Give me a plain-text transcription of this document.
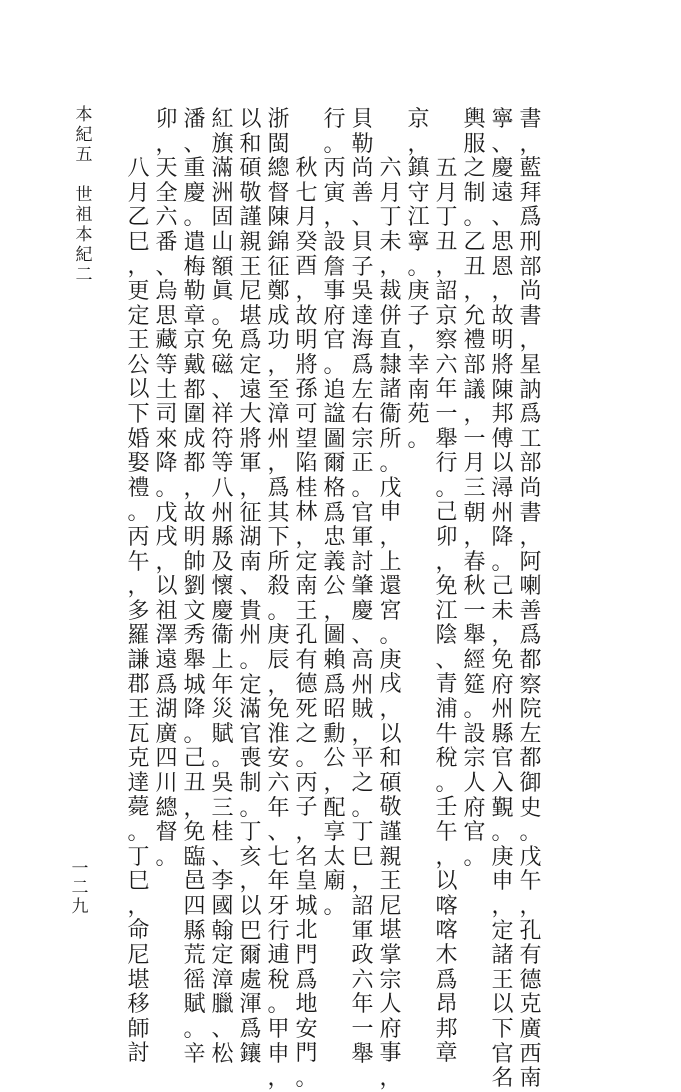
書
，
藍
拜
爲
刑
部
尚
書
，
星
訥
爲
工
部
尚
書
，
阿
喇
善
爲
都
察
院
左
都
御
史
。
戊
午
，
孔
有
德
克
廣
西
南
寧
、
慶
遠
、
思
恩
，
故
明
將
陳
邦
傅
以
潯
州
降
。
己
未
，
免
府
州
縣
官
入
覲
。
庚
申
，
定
諸
王
以
下
官
名
輿
服
之
制
。
乙
丑
，
允
禮
部
議
，
一
月
三
朝
，
春
秋
一
舉
經
筵
。
設
宗
人
府
官
。
五
月
丁
丑
，
詔
京
察
六
年
一
舉
行
。
己
卯
，
免
江
陰
、
青
浦
牛
稅
。
壬
午
，
以
喀
喀
木
爲
昂
邦
章
京
，
鎮
守
江
寧
。
庚
子
，
幸
南
苑
。
六
月
丁
未
，
裁
併
直
隸
諸
衞
所
。
戊
申
，
上
還
宮
。
庚
戌
，
以
和
碩
敬
謹
親
王
尼
堪
掌
宗
人
府
事
，
貝
勒
尚
善
、
貝
子
吳
達
海
爲
左
右
宗
正
。
官
軍
討
肇
慶
、
高
州
賊
，
平
之
。
丁
巳
，
詔
軍
政
六
年
一
舉
行
。
丙
寅
，
設
詹
事
府
官
。
追
諡
圖
爾
格
爲
忠
義
公
，
圖
賴
爲
昭
勳
公
，
配
享
太
廟
。
秋
七
月
癸
酉
，
故
明
將
孫
可
望
陷
桂
林
，
定
南
王
孔
有
德
死
之
。
丙
子
，
名
皇
城
北
門
爲
地
安
門
。
浙
閩
總
督
陳
錦
征
鄭
成
功
，
至
漳
州
，
爲
其
下
所
殺
。
庚
辰
，
免
淮
安
六
年
、
七
年
牙
行
逋
稅
。
甲
申
，
以
和
碩
敬
謹
親
王
尼
堪
爲
定
遠
大
將
軍
，
征
湖
南
、
貴
州
。
定
滿
官
喪
制
。
丁
亥
，
以
巴
爾
處
渾
爲
鑲
紅
旗
滿
洲
固
山
額
眞
。
免
磁
、
祥
符
等
八
州
縣
及
懷
慶
衞
上
年
災
賦
。
吳
三
桂
、
李
國
翰
定
漳
臘
、
松
潘
、
重
慶
。
遣
梅
勒
章
京
戴
都
圍
成
都
，
故
明
帥
劉
文
秀
舉
城
降
。
己
丑
，
免
臨
邑
四
縣
荒
徭
賦
。
辛
卯
，
天
全
六
番
、
烏
思
藏
等
土
司
來
降
。
戊
戌
，
以
祖
澤
遠
爲
湖
廣
四
川
總
督
。
八
月
乙
巳
，
更
定
王
公
以
下
婚
娶
禮
。
丙
午
，
多
羅
謙
郡
王
瓦
克
達
薨
。
丁
巳
，
命
尼
堪
移
師
討
本
紀
五

世
祖
本
紀
二
一
二
九
